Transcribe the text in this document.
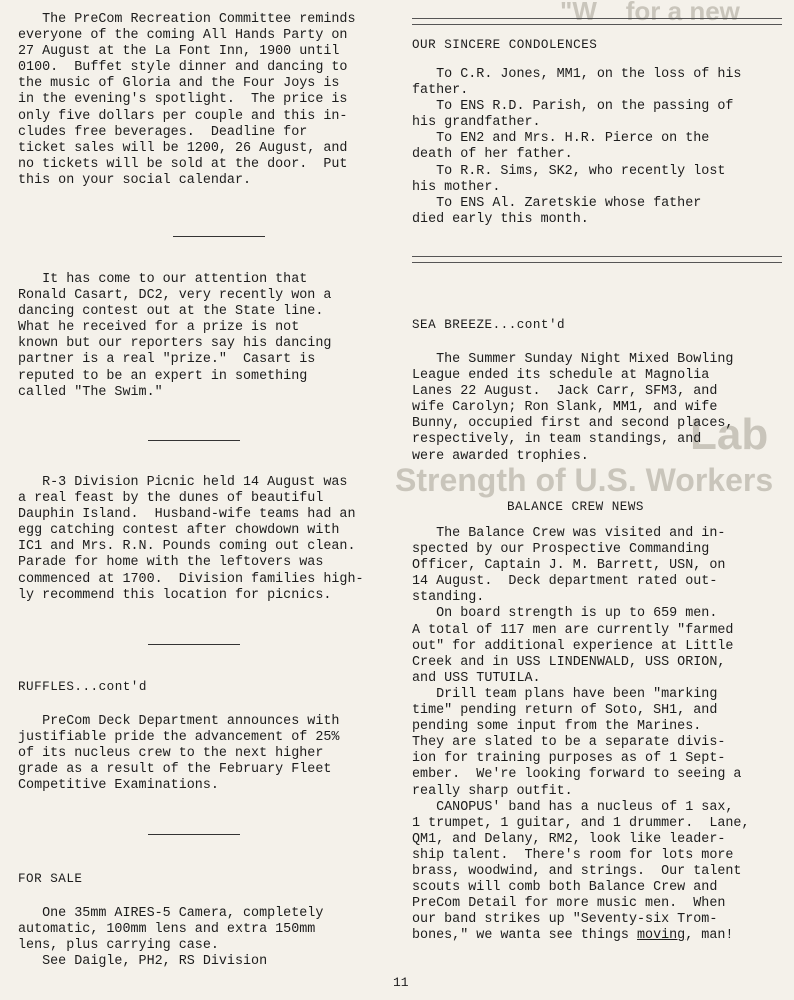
"W    for a new
Lab
Strength of U.S. Workers

The PreCom Recreation Committee reminds
everyone of the coming All Hands Party on
27 August at the La Font Inn, 1900 until
0100.  Buffet style dinner and dancing to
the music of Gloria and the Four Joys is
in the evening's spotlight.  The price is
only five dollars per couple and this in-
cludes free beverages.  Deadline for
ticket sales will be 1200, 26 August, and
no tickets will be sold at the door.  Put
this on your social calendar.

It has come to our attention that
Ronald Casart, DC2, very recently won a
dancing contest out at the State line.
What he received for a prize is not
known but our reporters say his dancing
partner is a real "prize."  Casart is
reputed to be an expert in something
called "The Swim."

R-3 Division Picnic held 14 August was
a real feast by the dunes of beautiful
Dauphin Island.  Husband-wife teams had an
egg catching contest after chowdown with
IC1 and Mrs. R.N. Pounds coming out clean.
Parade for home with the leftovers was
commenced at 1700.  Division families high-
ly recommend this location for picnics.

RUFFLES...cont'd

PreCom Deck Department announces with
justifiable pride the advancement of 25%
of its nucleus crew to the next higher
grade as a result of the February Fleet
Competitive Examinations.

FOR SALE

One 35mm AIRES-5 Camera, completely
automatic, 100mm lens and extra 150mm
lens, plus carrying case.
See Daigle, PH2, RS Division

OUR SINCERE CONDOLENCES

To C.R. Jones, MM1, on the loss of his
father.
To ENS R.D. Parish, on the passing of
his grandfather.
To EN2 and Mrs. H.R. Pierce on the
death of her father.
To R.R. Sims, SK2, who recently lost
his mother.
To ENS Al. Zaretskie whose father
died early this month.

SEA BREEZE...cont'd

The Summer Sunday Night Mixed Bowling
League ended its schedule at Magnolia
Lanes 22 August.  Jack Carr, SFM3, and
wife Carolyn; Ron Slank, MM1, and wife
Bunny, occupied first and second places,
respectively, in team standings, and
were awarded trophies.

BALANCE CREW NEWS

The Balance Crew was visited and in-
spected by our Prospective Commanding
Officer, Captain J. M. Barrett, USN, on
14 August.  Deck department rated out-
standing.
On board strength is up to 659 men.
A total of 117 men are currently "farmed
out" for additional experience at Little
Creek and in USS LINDENWALD, USS ORION,
and USS TUTUILA.
Drill team plans have been "marking
time" pending return of Soto, SH1, and
pending some input from the Marines.
They are slated to be a separate divis-
ion for training purposes as of 1 Sept-
ember.  We're looking forward to seeing a
really sharp outfit.
CANOPUS' band has a nucleus of 1 sax,
1 trumpet, 1 guitar, and 1 drummer.  Lane,
QM1, and Delany, RM2, look like leader-
ship talent.  There's room for lots more
brass, woodwind, and strings.  Our talent
scouts will comb both Balance Crew and
PreCom Detail for more music men.  When
our band strikes up "Seventy-six Trom-
bones," we wanta see things moving, man!

11
